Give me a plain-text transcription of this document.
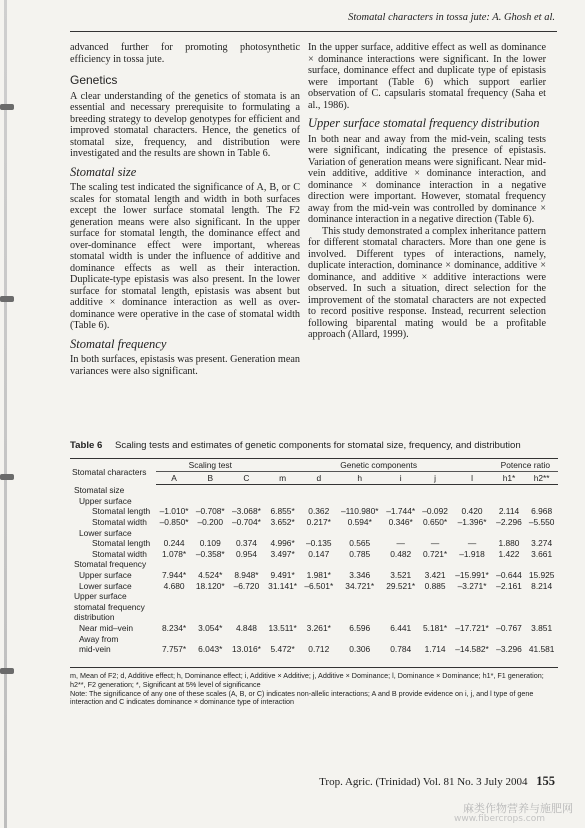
Stomatal characters in tossa jute: A. Ghosh et al.

advanced further for promoting photosynthetic efficiency in tossa jute.

Genetics

A clear understanding of the genetics of stomata is an essential and necessary prerequisite to formulating a breeding strategy to develop genotypes for efficient and improved stomatal characters. Hence, the genetics of stomatal size, frequency, and distribution were investigated and the results are shown in Table 6.

Stomatal size

The scaling test indicated the significance of A, B, or C scales for stomatal length and width in both surfaces except the lower surface stomatal length. The F2 generation means were also significant. In the upper surface for stomatal length, the dominance effect and over-dominance effect were important, whereas stomatal width is under the influence of additive and dominance effects as well as their interaction. Duplicate-type epistasis was also present. In the lower surface for stomatal length, epistasis was absent but additive × dominance interaction as well as over-dominance were operative in the case of stomatal width (Table 6).

Stomatal frequency

In both surfaces, epistasis was present. Generation mean variances were also significant.

In the upper surface, additive effect as well as dominance × dominance interactions were significant. In the lower surface, dominance effect and duplicate type of epistasis were important (Table 6) which support earlier observation of C. capsularis stomatal frequency (Saha et al., 1986).

Upper surface stomatal frequency distribution

In both near and away from the mid-vein, scaling tests were significant, indicating the presence of epistasis. Variation of generation means were significant. Near mid-vein additive, additive × dominance interaction, and dominance × dominance interaction in a negative direction were important. However, stomatal frequency away from the mid-vein was controlled by dominance × dominance interaction in a negative direction (Table 6).

This study demonstrated a complex inheritance pattern for different stomatal characters. More than one gene is involved. Different types of interactions, namely, duplicate interaction, dominance × dominance, additive × dominance, and additive × additive interactions were observed. In such a situation, direct selection for the improvement of the stomatal characters are not expected to record positive response. Instead, recurrent selection following biparental mating would be a profitable approach (Allard, 1999).

Table 6 Scaling tests and estimates of genetic components for stomatal size, frequency, and distribution
Stomatal characters	Scaling test			Genetic components						Potence ratio	
	A	B	C	m	d	h	i	j	l	h1*	h2**
Stomatal size											
Upper surface											
Stomatal length	–1.010*	–0.708*	–3.068*	6.855*	0.362	–110.980*	–1.744*	–0.092	0.420	2.114	6.968
Stomatal width	–0.850*	–0.200	–0.704*	3.652*	0.217*	0.594*	0.346*	0.650*	–1.396*	–2.296	–5.550
Lower surface											
Stomatal length	0.244	0.109	0.374	4.996*	–0.135	0.565	—	—	—	1.880	3.274
Stomatal width	1.078*	–0.358*	0.954	3.497*	0.147	0.785	0.482	0.721*	–1.918	1.422	3.661
Stomatal frequency											
Upper surface	7.944*	4.524*	8.948*	9.491*	1.981*	3.346	3.521	3.421	–15.991*	–0.644	15.925
Lower surface	4.680	18.120*	–6.720	31.141*	–6.501*	34.721*	29.521*	0.885	–3.271*	–2.161	8.214
Upper surface											
stomatal frequency											
distribution											
Near mid–vein	8.234*	3.054*	4.848	13.511*	3.261*	6.596	6.441	5.181*	–17.721*	–0.767	3.851
Away from											
mid-vein	7.757*	6.043*	13.016*	5.472*	0.712	0.306	0.784	1.714	–14.582*	–3.296	41.581

m, Mean of F2; d, Additive effect; h, Dominance effect; i, Additive × Additive; j, Additive × Dominance; l, Dominance × Dominance; h1*, F1 generation; h2**, F2 generation; *, Significant at 5% level of significance

Note: The significance of any one of these scales (A, B, or C) indicates non-allelic interactions; A and B provide evidence on i, j, and l type of gene interaction and C indicates dominance × dominance type of interaction

Trop. Agric. (Trinidad) Vol. 81 No. 3 July 2004 155
麻类作物营养与施肥网
www.fibercrops.com
